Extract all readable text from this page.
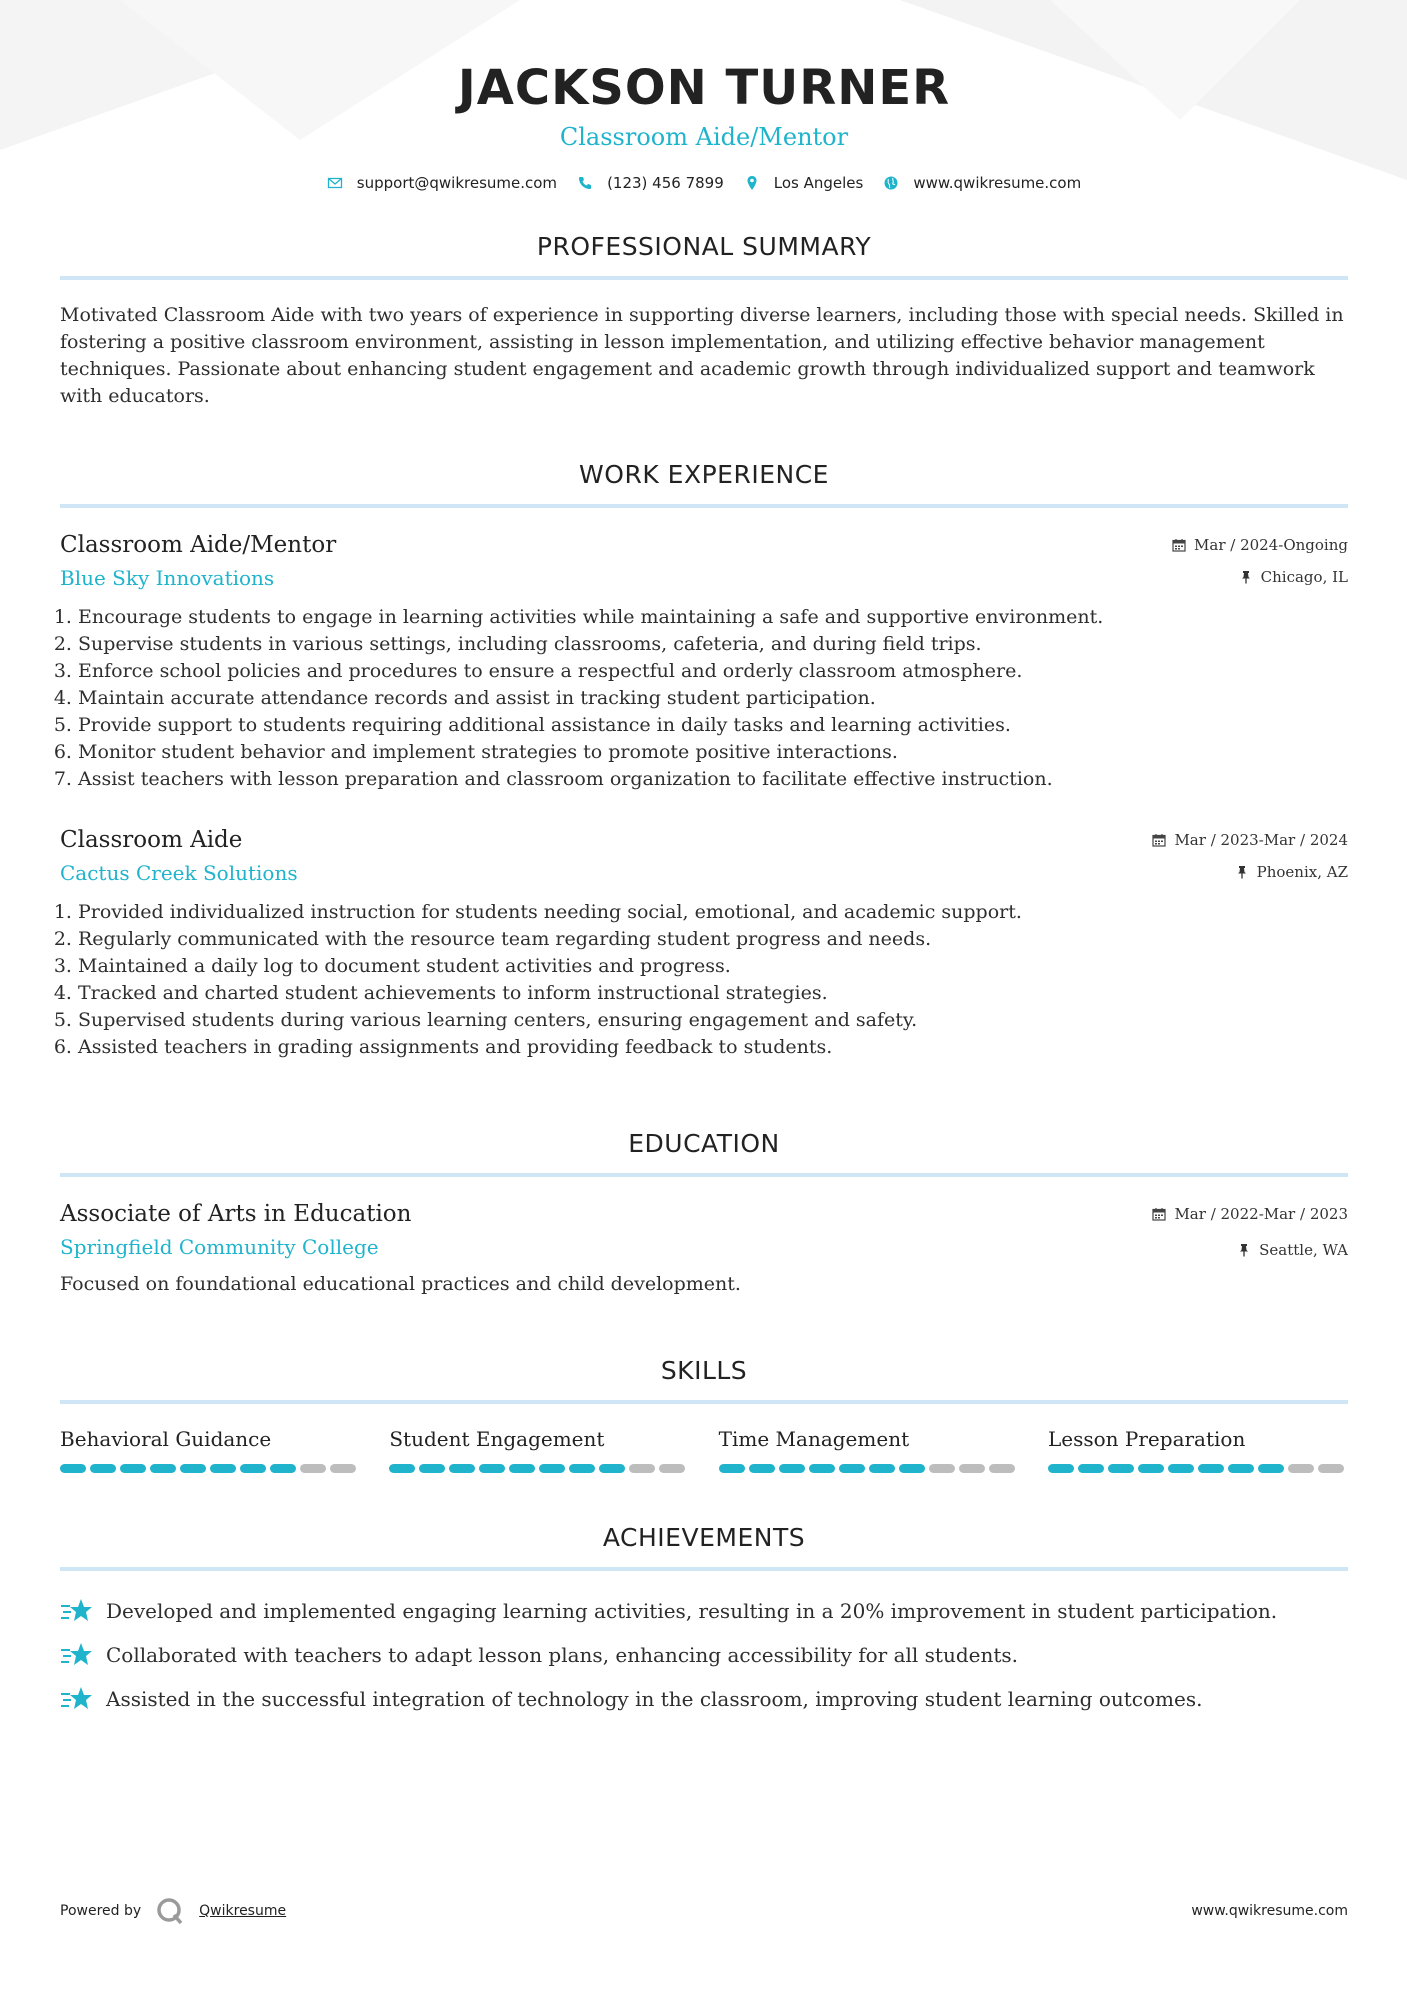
JACKSON TURNER
Classroom Aide/Mentor
support@qwikresume.com	(123) 456 7899	Los Angeles	www.qwikresume.com
PROFESSIONAL SUMMARY

Motivated Classroom Aide with two years of experience in supporting diverse learners, including those with special needs. Skilled in fostering a positive classroom environment, assisting in lesson implementation, and utilizing effective behavior management techniques. Passionate about enhancing student engagement and academic growth through individualized support and teamwork with educators.

WORK EXPERIENCE
Classroom Aide/Mentor
Blue Sky Innovations
Mar / 2024-Ongoing
Chicago, IL
1. Encourage students to engage in learning activities while maintaining a safe and supportive environment.
2. Supervise students in various settings, including classrooms, cafeteria, and during field trips.
3. Enforce school policies and procedures to ensure a respectful and orderly classroom atmosphere.
4. Maintain accurate attendance records and assist in tracking student participation.
5. Provide support to students requiring additional assistance in daily tasks and learning activities.
6. Monitor student behavior and implement strategies to promote positive interactions.
7. Assist teachers with lesson preparation and classroom organization to facilitate effective instruction.
Classroom Aide
Cactus Creek Solutions
Mar / 2023-Mar / 2024
Phoenix, AZ
1. Provided individualized instruction for students needing social, emotional, and academic support.
2. Regularly communicated with the resource team regarding student progress and needs.
3. Maintained a daily log to document student activities and progress.
4. Tracked and charted student achievements to inform instructional strategies.
5. Supervised students during various learning centers, ensuring engagement and safety.
6. Assisted teachers in grading assignments and providing feedback to students.
EDUCATION
Associate of Arts in Education
Springfield Community College
Mar / 2022-Mar / 2023
Seattle, WA

Focused on foundational educational practices and child development.

SKILLS
Behavioral Guidance	Student Engagement	Time Management	Lesson Preparation
ACHIEVEMENTS
Developed and implemented engaging learning activities, resulting in a 20% improvement in student participation.
Collaborated with teachers to adapt lesson plans, enhancing accessibility for all students.
Assisted in the successful integration of technology in the classroom, improving student learning outcomes.
Powered by	Qwikresume	www.qwikresume.com
